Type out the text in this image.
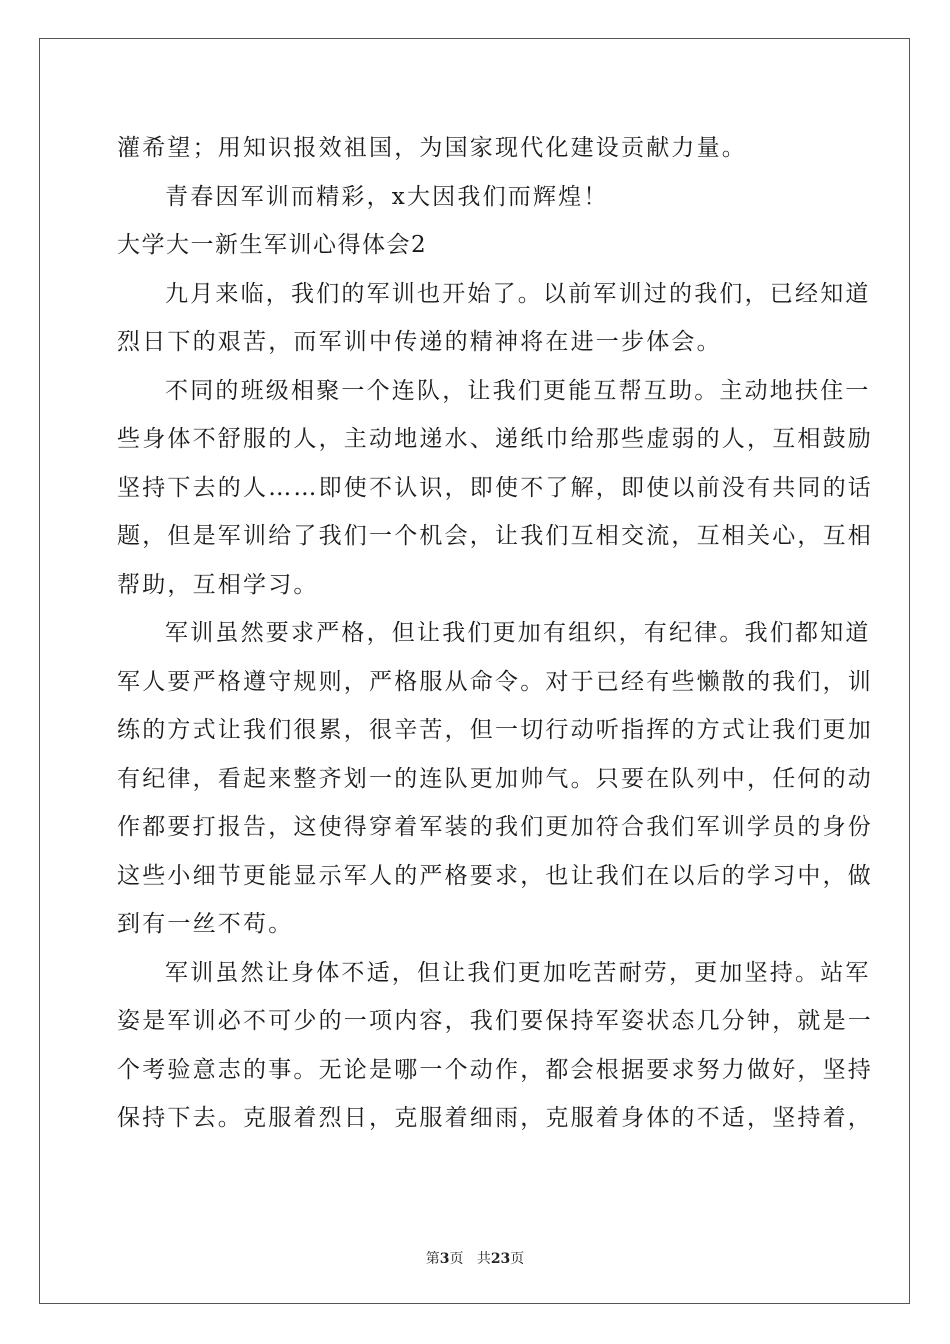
灌希望；用知识报效祖国，为国家现代化建设贡献力量。
青春因军训而精彩，x大因我们而辉煌！
大学大一新生军训心得体会2
九月来临，我们的军训也开始了。以前军训过的我们，已经知道
烈日下的艰苦，而军训中传递的精神将在进一步体会。
不同的班级相聚一个连队，让我们更能互帮互助。主动地扶住一
些身体不舒服的人，主动地递水、递纸巾给那些虚弱的人，互相鼓励
坚持下去的人……即使不认识，即使不了解，即使以前没有共同的话
题，但是军训给了我们一个机会，让我们互相交流，互相关心，互相
帮助，互相学习。
军训虽然要求严格，但让我们更加有组织，有纪律。我们都知道
军人要严格遵守规则，严格服从命令。对于已经有些懒散的我们，训
练的方式让我们很累，很辛苦，但一切行动听指挥的方式让我们更加
有纪律，看起来整齐划一的连队更加帅气。只要在队列中，任何的动
作都要打报告，这使得穿着军装的我们更加符合我们军训学员的身份
这些小细节更能显示军人的严格要求，也让我们在以后的学习中，做
到有一丝不苟。
军训虽然让身体不适，但让我们更加吃苦耐劳，更加坚持。站军
姿是军训必不可少的一项内容，我们要保持军姿状态几分钟，就是一
个考验意志的事。无论是哪一个动作，都会根据要求努力做好，坚持
保持下去。克服着烈日，克服着细雨，克服着身体的不适，坚持着，
第3页 共23页
